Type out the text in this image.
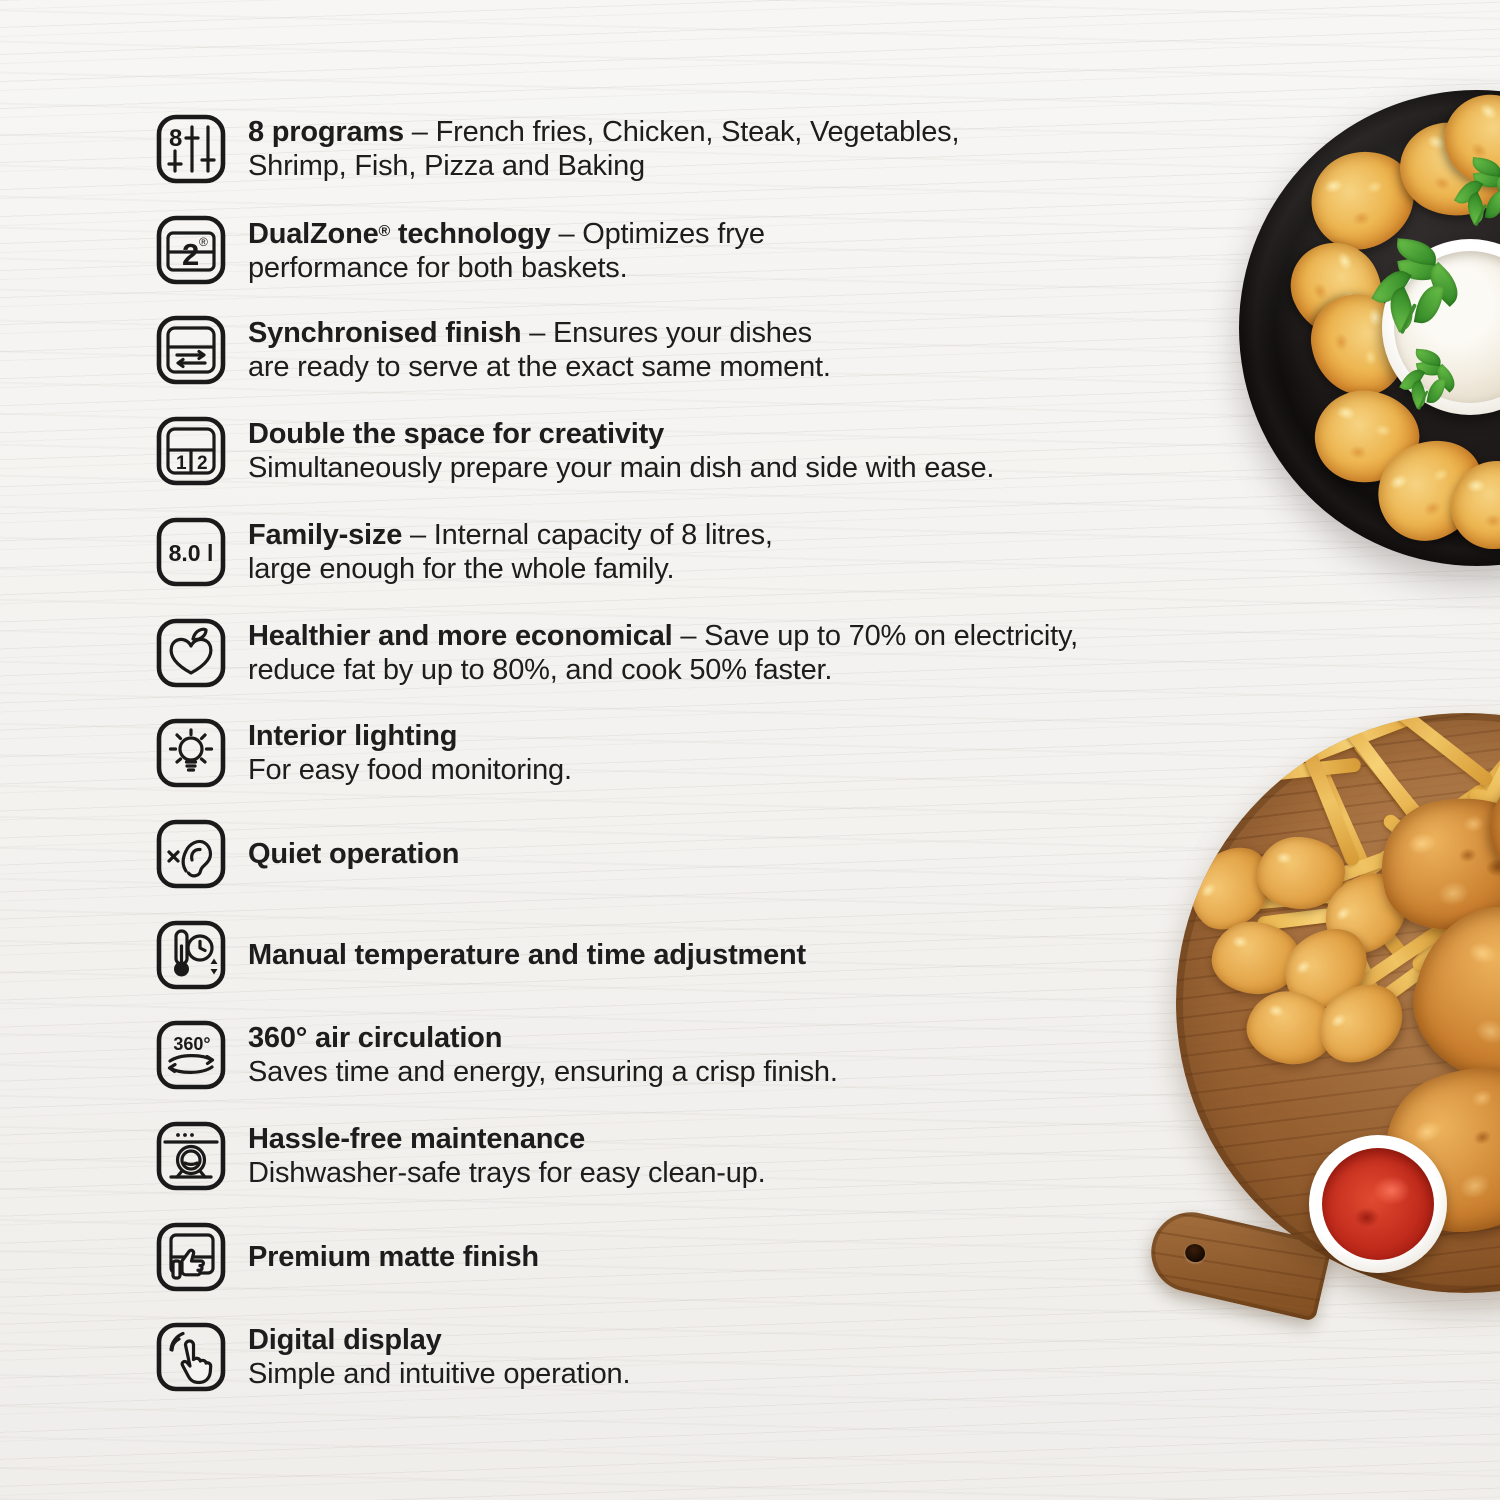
8 8 programs – French fries, Chicken, Steak, Vegetables,
Shrimp, Fish, Pizza and Baking
2 ® DualZone® technology – Optimizes frye
performance for both baskets.
Synchronised finish – Ensures your dishes
are ready to serve at the exact same moment.
1 2
Double the space for creativity
Simultaneously prepare your main dish and side with ease.
8.0 l
Family-size – Internal capacity of 8 litres,
large enough for the whole family.
Healthier and more economical – Save up to 70% on electricity,
reduce fat by up to 80%, and cook 50% faster.
Interior lighting
For easy food monitoring.
Quiet operation
Manual temperature and time adjustment
360° 360° air circulation
Saves time and energy, ensuring a crisp finish.
Hassle-free maintenance
Dishwasher-safe trays for easy clean-up.
Premium matte finish
Digital display
Simple and intuitive operation.
